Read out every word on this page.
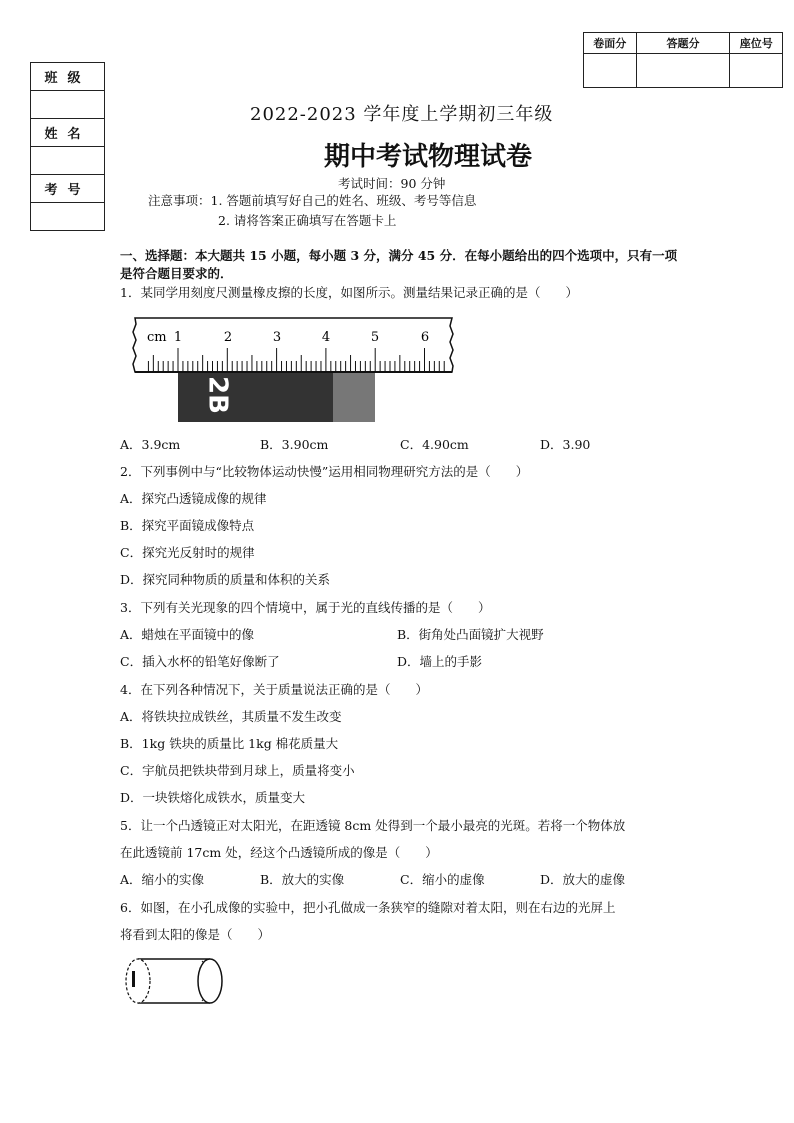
班级

姓名

考号

卷面分	答题分	座位号

2022-2023 学年度上学期初三年级
期中考试物理试卷
考试时间：90 分钟
注意事项：1. 答题前填写好自己的姓名、班级、考号等信息
2. 请将答案正确填写在答题卡上
一、选择题：本大题共 15 小题，每小题 3 分，满分 45 分．在每小题给出的四个选项中，只有一项是符合题目要求的．
1．某同学用刻度尺测量橡皮擦的长度，如图所示。测量结果记录正确的是（　　）
2B
cm 1	2	3	4	5	6
A．3.9cm	B．3.90cm	C．4.90cm	D．3.90
2．下列事例中与“比较物体运动快慢”运用相同物理研究方法的是（　　）
A．探究凸透镜成像的规律
B．探究平面镜成像特点
C．探究光反射时的规律
D．探究同种物质的质量和体积的关系
3．下列有关光现象的四个情境中，属于光的直线传播的是（　　）
A．蜡烛在平面镜中的像	B．街角处凸面镜扩大视野
C．插入水杯的铅笔好像断了	D．墙上的手影
4．在下列各种情况下，关于质量说法正确的是（　　）
A．将铁块拉成铁丝，其质量不发生改变
B．1kg 铁块的质量比 1kg 棉花质量大
C．宇航员把铁块带到月球上，质量将变小
D．一块铁熔化成铁水，质量变大
5．让一个凸透镜正对太阳光，在距透镜 8cm 处得到一个最小最亮的光斑。若将一个物体放
在此透镜前 17cm 处，经这个凸透镜所成的像是（　　）
A．缩小的实像	B．放大的实像	C．缩小的虚像	D．放大的虚像
6．如图，在小孔成像的实验中，把小孔做成一条狭窄的缝隙对着太阳，则在右边的光屏上
将看到太阳的像是（　　）
